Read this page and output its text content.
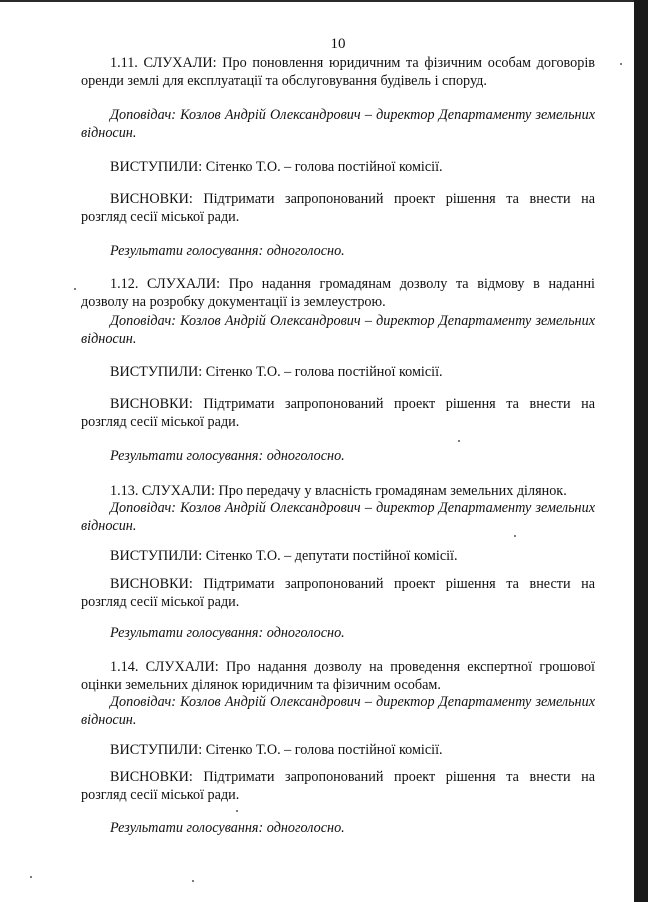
10
1.11. СЛУХАЛИ: Про поновлення юридичним та фізичним особам договорів оренди землі для експлуатації та обслуговування будівель і споруд.
Доповідач: Козлов Андрій Олександрович – директор Департаменту земельних відносин.
ВИСТУПИЛИ: Сітенко Т.О. – голова постійної комісії.
ВИСНОВКИ: Підтримати запропонований проект рішення та внести на розгляд сесії міської ради.
Результати голосування: одноголосно.
1.12. СЛУХАЛИ: Про надання громадянам дозволу та відмову в наданні дозволу на розробку документації із землеустрою.
Доповідач: Козлов Андрій Олександрович – директор Департаменту земельних відносин.
ВИСТУПИЛИ: Сітенко Т.О. – голова постійної комісії.
ВИСНОВКИ: Підтримати запропонований проект рішення та внести на розгляд сесії міської ради.
Результати голосування: одноголосно.
1.13. СЛУХАЛИ: Про передачу у власність громадянам земельних ділянок.
Доповідач: Козлов Андрій Олександрович – директор Департаменту земельних відносин.
ВИСТУПИЛИ: Сітенко Т.О. – депутати постійної комісії.
ВИСНОВКИ: Підтримати запропонований проект рішення та внести на розгляд сесії міської ради.
Результати голосування: одноголосно.
1.14. СЛУХАЛИ: Про надання дозволу на проведення експертної грошової оцінки земельних ділянок юридичним та фізичним особам.
Доповідач: Козлов Андрій Олександрович – директор Департаменту земельних відносин.
ВИСТУПИЛИ: Сітенко Т.О. – голова постійної комісії.
ВИСНОВКИ: Підтримати запропонований проект рішення та внести на розгляд сесії міської ради.
Результати голосування: одноголосно.
